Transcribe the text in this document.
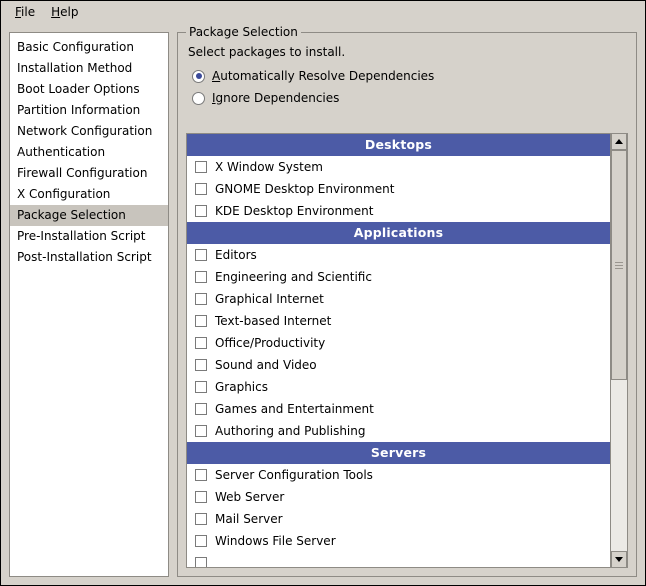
File	Help
Basic Configuration
Installation Method
Boot Loader Options
Partition Information
Network Configuration
Authentication
Firewall Configuration
X Configuration
Package Selection
Pre-Installation Script
Post-Installation Script
Package Selection
Select packages to install.
Automatically Resolve Dependencies
Ignore Dependencies
Desktops
X Window System
GNOME Desktop Environment
KDE Desktop Environment
Applications
Editors
Engineering and Scientific
Graphical Internet
Text-based Internet
Office/Productivity
Sound and Video
Graphics
Games and Entertainment
Authoring and Publishing
Servers
Server Configuration Tools
Web Server
Mail Server
Windows File Server
